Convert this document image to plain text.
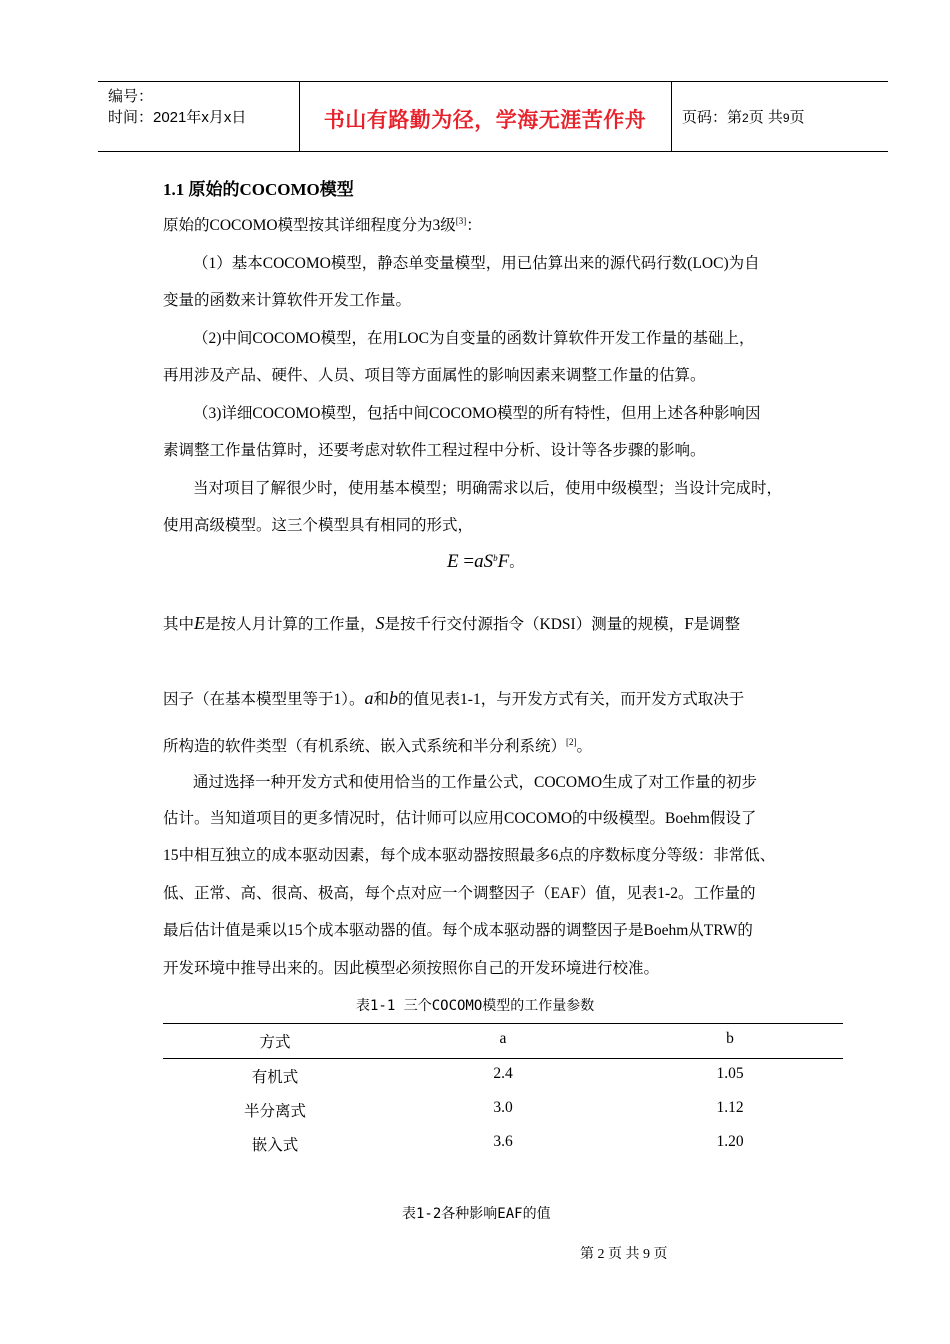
编号：
时间：2021年x月x日	书山有路勤为径，学海无涯苦作舟	页码：第2页 共9页
1.1 原始的COCOMO模型
原始的COCOMO模型按其详细程度分为3级[3]：
（1）基本COCOMO模型，静态单变量模型，用已估算出来的源代码行数(LOC)为自
变量的函数来计算软件开发工作量。
（2)中间COCOMO模型，在用LOC为自变量的函数计算软件开发工作量的基础上，
再用涉及产品、硬件、人员、项目等方面属性的影响因素来调整工作量的估算。
（3)详细COCOMO模型，包括中间COCOMO模型的所有特性，但用上述各种影响因
素调整工作量估算时，还要考虑对软件工程过程中分析、设计等各步骤的影响。
当对项目了解很少时，使用基本模型；明确需求以后，使用中级模型；当设计完成时，
使用高级模型。这三个模型具有相同的形式，
$E =aS^bF$。
其中E是按人月计算的工作量，S是按千行交付源指令（KDSI）测量的规模，F是调整
因子（在基本模型里等于1）。a和b的值见表1-1，与开发方式有关，而开发方式取决于
所构造的软件类型（有机系统、嵌入式系统和半分利系统）[2]。
通过选择一种开发方式和使用恰当的工作量公式，COCOMO生成了对工作量的初步
估计。当知道项目的更多情况时，估计师可以应用COCOMO的中级模型。Boehm假设了
15中相互独立的成本驱动因素，每个成本驱动器按照最多6点的序数标度分等级：非常低、
低、正常、高、很高、极高，每个点对应一个调整因子（EAF）值，见表1-2。工作量的
最后估计值是乘以15个成本驱动器的值。每个成本驱动器的调整因子是Boehm从TRW的
开发环境中推导出来的。因此模型必须按照你自己的开发环境进行校准。
表1-1 三个COCOMO模型的工作量参数
方式	a	b
有机式	2.4	1.05
半分离式	3.0	1.12
嵌入式	3.6	1.20
表1-2各种影响EAF的值
第 2 页 共 9 页
